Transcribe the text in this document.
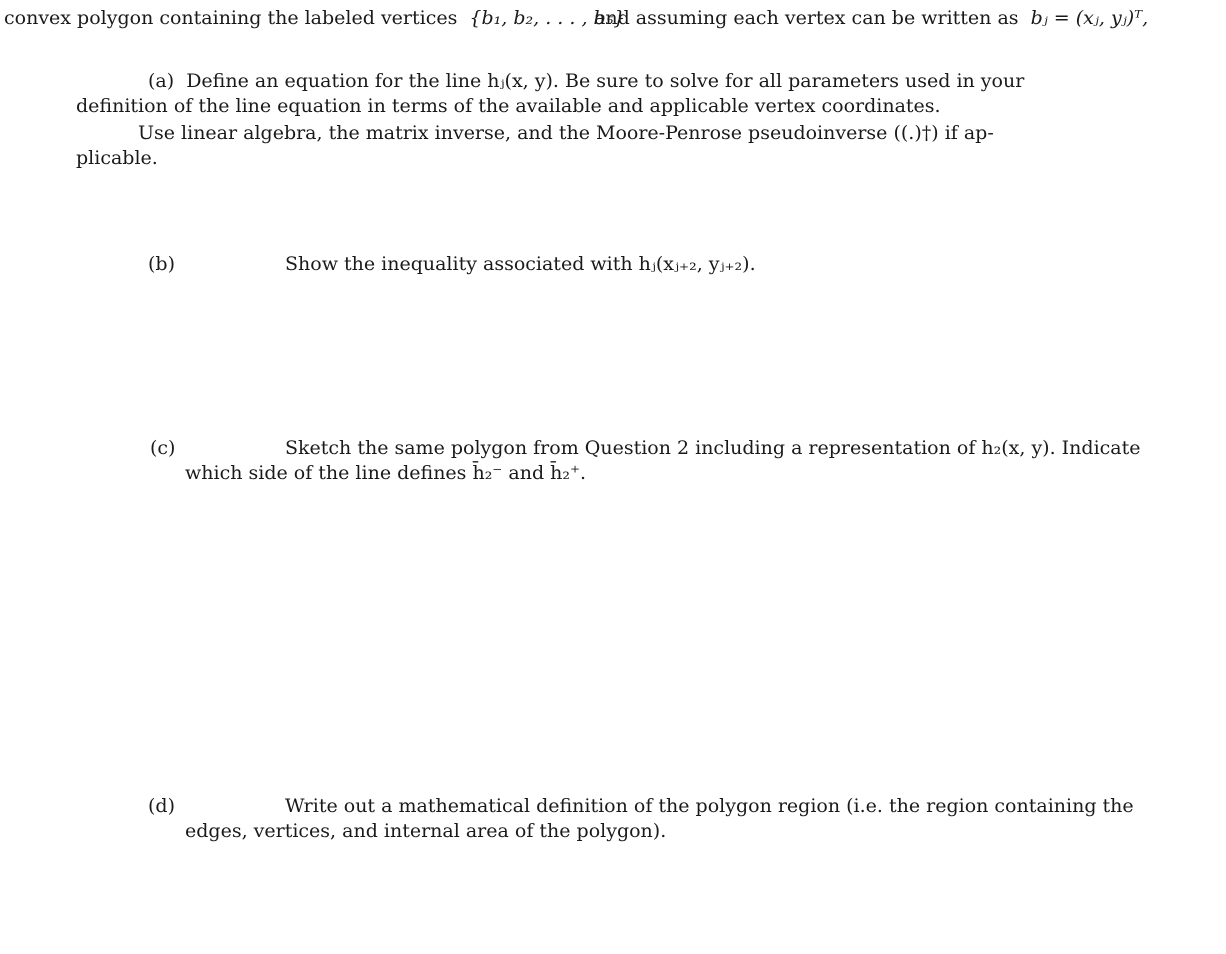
convex polygon containing the labeled vertices {b₁, b₂, . . . , b₅}
and assuming each vertex can be written as bⱼ = (xⱼ, yⱼ)ᵀ,
(a) Define an equation for the line hⱼ(x, y). Be sure to solve for all parameters used in your
definition of the line equation in terms of the available and applicable vertex coordinates.
Use linear algebra, the matrix inverse, and the Moore-Penrose pseudoinverse ((.)†) if ap-
plicable.
(b)	Show the inequality associated with hⱼ(xⱼ₊₂, yⱼ₊₂).
(c)	Sketch the same polygon from Question 2 including a representation of h₂(x, y). Indicate
which side of the line defines h̄₂⁻ and h̄₂⁺.
(d)	Write out a mathematical definition of the polygon region (i.e. the region containing the
edges, vertices, and internal area of the polygon).
